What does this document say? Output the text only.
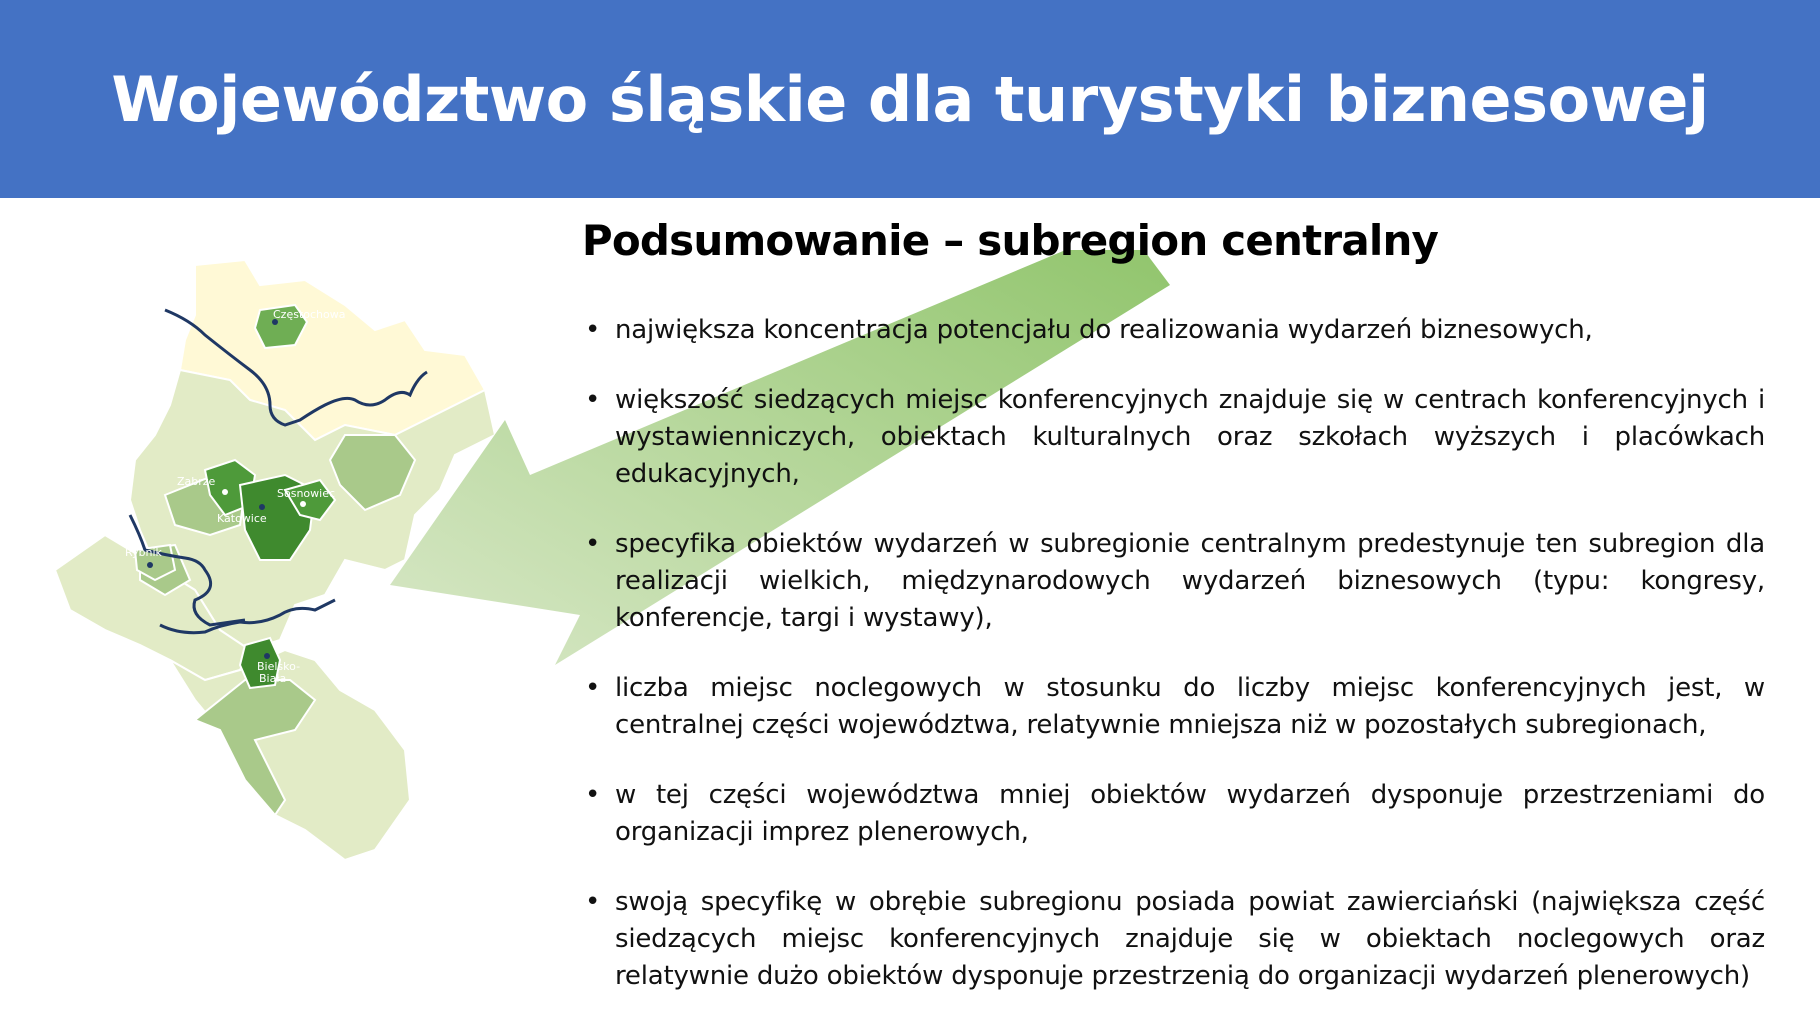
Województwo śląskie dla turystyki biznesowej
Podsumowanie – subregion centralny
Częstochowa
Zabrze
Sosnowiec
Katowice
Rybnik
Bielsko-
Biała
• największa koncentracja potencjału do realizowania wydarzeń biznesowych,
• większość siedzących miejsc konferencyjnych znajduje się w centrach konferencyjnych i wystawienniczych, obiektach kulturalnych oraz szkołach wyższych i placówkach edukacyjnych,
• specyfika obiektów wydarzeń w subregionie centralnym predestynuje ten subregion dla realizacji wielkich, międzynarodowych wydarzeń biznesowych (typu: kongresy, konferencje, targi i wystawy),
• liczba miejsc noclegowych w stosunku do liczby miejsc konferencyjnych jest, w centralnej części województwa, relatywnie mniejsza niż w pozostałych subregionach,
• w tej części województwa mniej obiektów wydarzeń dysponuje przestrzeniami do organizacji imprez plenerowych,
• swoją specyfikę w obrębie subregionu posiada powiat zawierciański (największa część siedzących miejsc konferencyjnych znajduje się w obiektach noclegowych oraz relatywnie dużo obiektów dysponuje przestrzenią do organizacji wydarzeń plenerowych)
